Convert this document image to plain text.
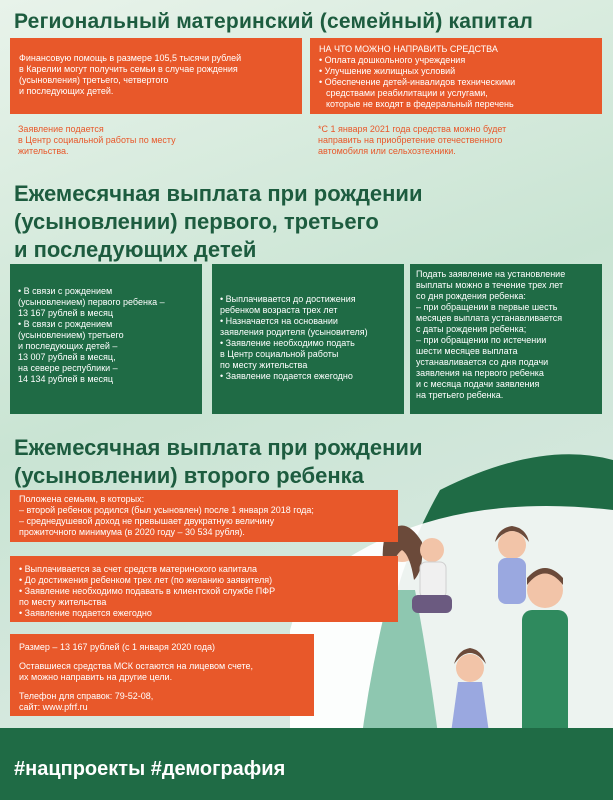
Региональный материнский (семейный) капитал
Финансовую помощь в размере 105,5 тысячи рублей
в Карелии могут получить семьи в случае рождения
(усыновления) третьего, четвертого
и последующих детей.
Заявление подается
в Центр социальной работы по месту
жительства.
НА ЧТО МОЖНО НАПРАВИТЬ СРЕДСТВА
• Оплата дошкольного учреждения
• Улучшение жилищных условий
• Обеспечение детей-инвалидов техническими
средствами реабилитации и услугами,
которые не входят в федеральный перечень
*С 1 января 2021 года средства можно будет
направить на приобретение отечественного
автомобиля или сельхозтехники.
Ежемесячная выплата при рождении
(усыновлении) первого, третьего
и последующих детей
• В связи с рождением
(усыновлением) первого ребенка –
13 167 рублей в месяц
• В связи с рождением
(усыновлением) третьего
и последующих детей –
13 007 рублей в месяц,
на севере республики –
14 134 рублей в месяц
• Выплачивается до достижения
ребенком возраста трех лет
• Назначается на основании
заявления родителя (усыновителя)
• Заявление необходимо подать
в Центр социальной работы
по месту жительства
• Заявление подается ежегодно
Подать заявление на установление
выплаты можно в течение трех лет
со дня рождения ребенка:
– при обращении в первые шесть
месяцев выплата устанавливается
с даты рождения ребенка;
– при обращении по истечении
шести месяцев выплата
устанавливается со дня подачи
заявления на первого ребенка
и с месяца подачи заявления
на третьего ребенка.
Ежемесячная выплата при рождении
(усыновлении) второго ребенка
Положена семьям, в которых:
– второй ребенок родился (был усыновлен) после 1 января 2018 года;
– среднедушевой доход не превышает двукратную величину
прожиточного минимума (в 2020 году – 30 534 рубля).
• Выплачивается за счет средств материнского капитала
• До достижения ребенком трех лет (по желанию заявителя)
• Заявление необходимо подавать в клиентской службе ПФР
по месту жительства
• Заявление подается ежегодно
Размер – 13 167 рублей (с 1 января 2020 года)
Оставшиеся средства МСК остаются на лицевом счете,
их можно направить на другие цели.
Телефон для справок: 79-52-08,
сайт: www.pfrf.ru
#нацпроекты #демография
